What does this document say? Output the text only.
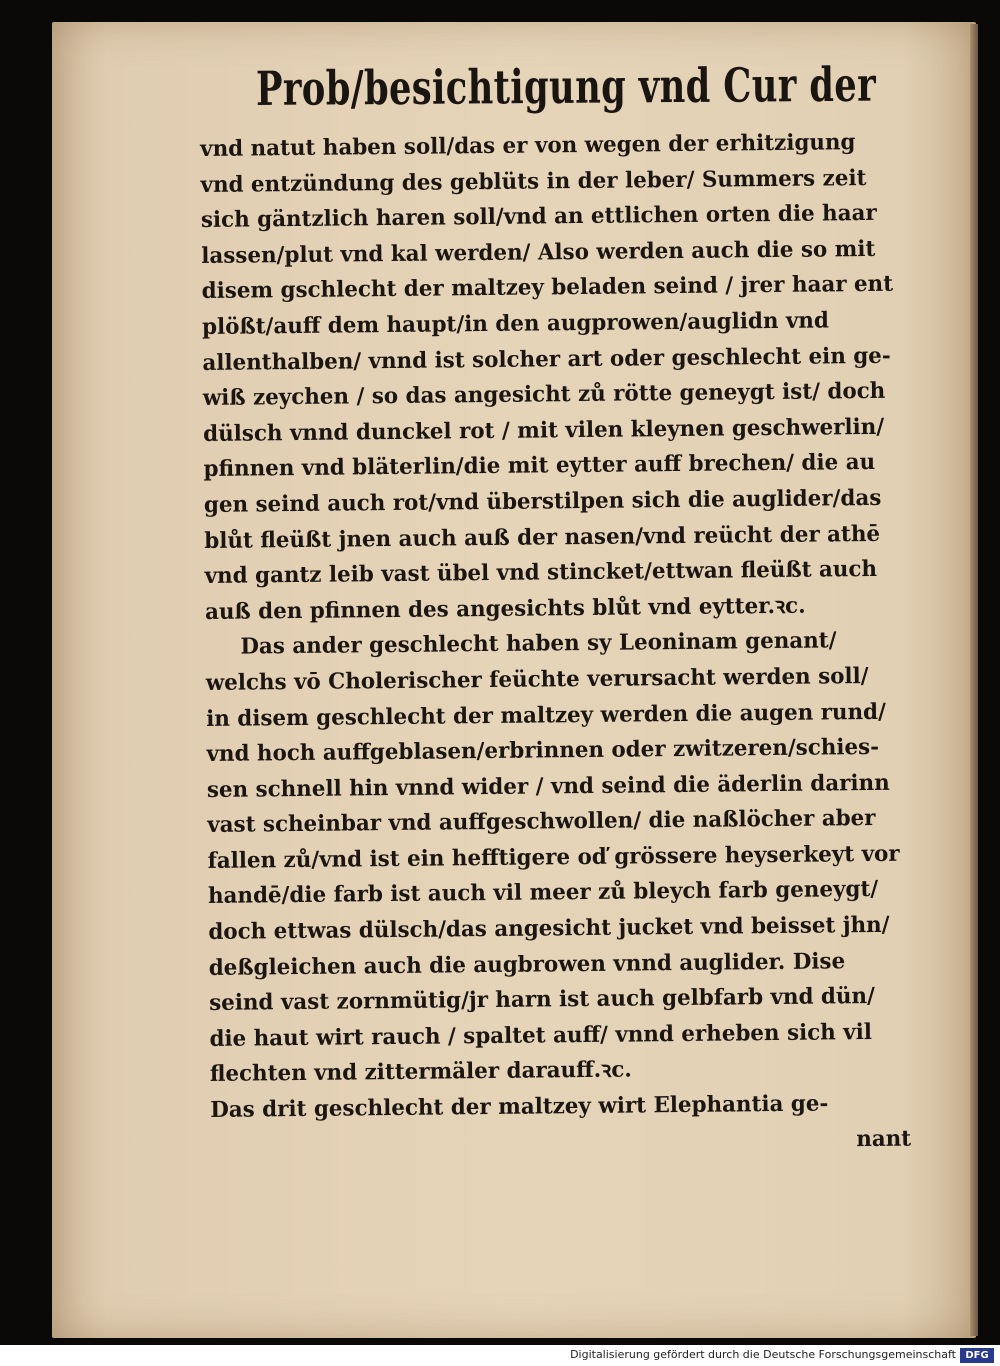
Prob/besichtigung vnd Cur der
vnd natut haben soll/das er von wegen der erhitzigung
vnd entzündung des geblüts in der leber/ Summers zeit
sich gäntzlich haren soll/vnd an ettlichen orten die haar
lassen/plut vnd kal werden/ Also werden auch die so mit
disem gschlecht der maltzey beladen seind / jrer haar ent
plößt/auff dem haupt/in den augprowen/auglidn vnd
allenthalben/ vnnd ist solcher art oder geschlecht ein ge-
wiß zeychen / so das angesicht zů rötte geneygt ist/ doch
dülsch vnnd dunckel rot / mit vilen kleynen geschwerlin/
pfinnen vnd bläterlin/die mit eytter auff brechen/ die au
gen seind auch rot/vnd überstilpen sich die auglider/das
blůt fleüßt jnen auch auß der nasen/vnd reücht der athē
vnd gantz leib vast übel vnd stincket/ettwan fleüßt auch
auß den pfinnen des angesichts blůt vnd eytter.ꝛc.
Das ander geschlecht haben sy Leoninam genant/
welchs vō Cholerischer feüchte verursacht werden soll/
in disem geschlecht der maltzey werden die augen rund/
vnd hoch auffgeblasen/erbrinnen oder zwitzeren/schies-
sen schnell hin vnnd wider / vnd seind die äderlin darinn
vast scheinbar vnd auffgeschwollen/ die naßlöcher aber
fallen zů/vnd ist ein hefftigere oď grössere heyserkeyt vor
handē/die farb ist auch vil meer zů bleych farb geneygt/
doch ettwas dülsch/das angesicht jucket vnd beisset jhn/
deßgleichen auch die augbrowen vnnd auglider. Dise
seind vast zornmütig/jr harn ist auch gelbfarb vnd dün/
die haut wirt rauch / spaltet auff/ vnnd erheben sich vil
flechten vnd zittermäler darauff.ꝛc.
Das drit geschlecht der maltzey wirt Elephantia ge-
nant
Digitalisierung gefördert durch die Deutsche Forschungsgemeinschaft DFG
